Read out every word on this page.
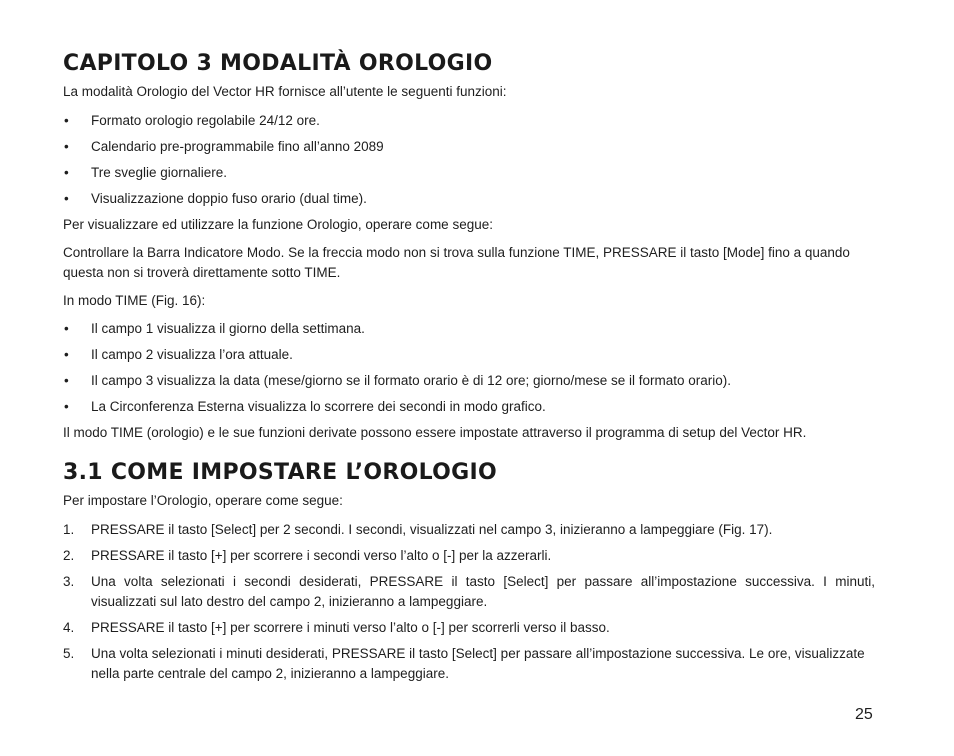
CAPITOLO 3 MODALITÀ OROLOGIO

La modalità Orologio del Vector HR fornisce all’utente le seguenti funzioni:

•	Formato orologio regolabile 24/12 ore.
•	Calendario pre-programmabile fino all’anno 2089
•	Tre sveglie giornaliere.
•	Visualizzazione doppio fuso orario (dual time).

Per visualizzare ed utilizzare la funzione Orologio, operare come segue:

Controllare la Barra Indicatore Modo. Se la freccia modo non si trova sulla funzione TIME, PRESSARE il tasto [Mode] fino a quando questa non si troverà direttamente sotto TIME.

In modo TIME (Fig. 16):

•	Il campo 1 visualizza il giorno della settimana.
•	Il campo 2 visualizza l’ora attuale.
•	Il campo 3 visualizza la data (mese/giorno se il formato orario è di 12 ore; giorno/mese se il formato orario).
•	La Circonferenza Esterna visualizza lo scorrere dei secondi in modo grafico.

Il modo TIME (orologio) e le sue funzioni derivate possono essere impostate attraverso il programma di setup del Vector HR.

3.1 COME IMPOSTARE L’OROLOGIO

Per impostare l’Orologio, operare come segue:

1.	PRESSARE il tasto [Select] per 2 secondi. I secondi, visualizzati nel campo 3, inizieranno a lampeggiare (Fig. 17).
2.	PRESSARE il tasto [+] per scorrere i secondi verso l’alto o [-] per la azzerarli.
3.	Una volta selezionati i secondi desiderati, PRESSARE il tasto [Select] per passare all’impostazione successiva. I minuti, visualizzati sul lato destro del campo 2, inizieranno a lampeggiare.
4.	PRESSARE il tasto [+] per scorrere i minuti verso l’alto o [-] per scorrerli verso il basso.
5.	Una volta selezionati i minuti desiderati, PRESSARE il tasto [Select] per passare all’impostazione successiva. Le ore, visualizzate nella parte centrale del campo 2, inizieranno a lampeggiare.
25
